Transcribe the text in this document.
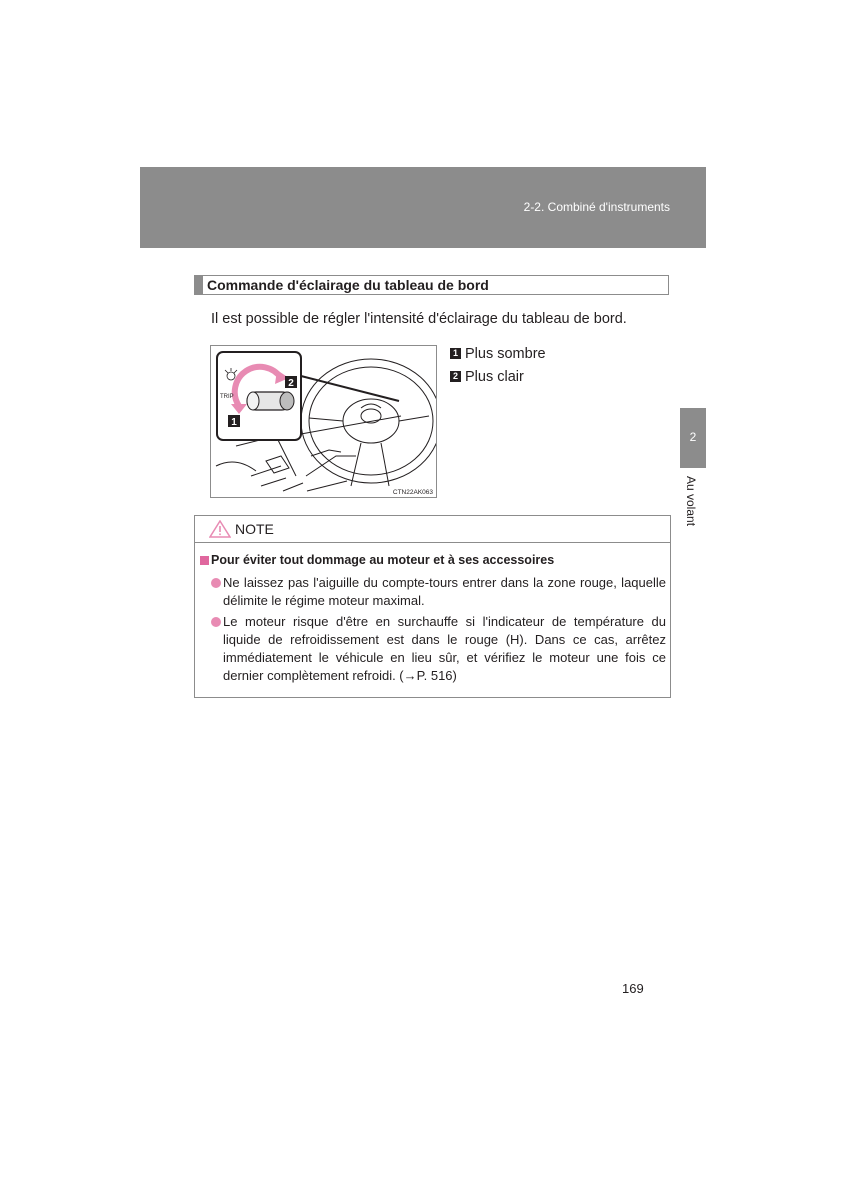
2-2. Combiné d'instruments
2
Au volant
Commande d'éclairage du tableau de bord
Il est possible de régler l'intensité d'éclairage du tableau de bord.
TRIP
2
1
CTN22AK063
1 Plus sombre
2 Plus clair
NOTE
Pour éviter tout dommage au moteur et à ses accessoires
Ne laissez pas l'aiguille du compte-tours entrer dans la zone rouge, laquelle délimite le régime moteur maximal.
Le moteur risque d'être en surchauffe si l'indicateur de température du liquide de refroidissement est dans le rouge (H). Dans ce cas, arrêtez immédiatement le véhicule en lieu sûr, et vérifiez le moteur une fois ce dernier complètement refroidi. (→P. 516)
169
